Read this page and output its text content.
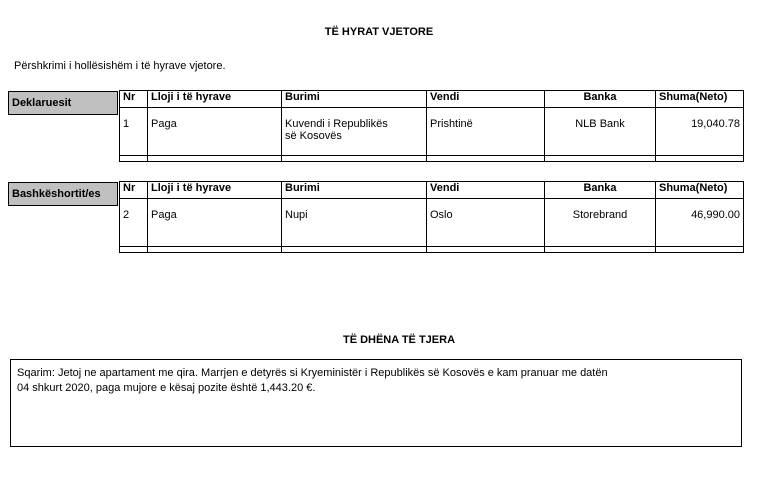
TË HYRAT VJETORE
Përshkrimi i hollësishëm i të hyrave vjetore.
Deklaruesit	Nr	Lloji i të hyrave	Burimi	Vendi	Banka	Shuma(Neto)
1	Paga	Kuvendi i Republikës
së Kosovës	Prishtinë	NLB Bank	19,040.78

Bashkëshortit/es	Nr	Lloji i të hyrave	Burimi	Vendi	Banka	Shuma(Neto)
2	Paga	Nupi	Oslo	Storebrand	46,990.00

TË DHËNA TË TJERA
Sqarim: Jetoj ne apartament me qira. Marrjen e detyrës si Kryeministër i Republikës së Kosovës e kam pranuar me datën
04 shkurt 2020, paga mujore e kësaj pozite është 1,443.20 €.
